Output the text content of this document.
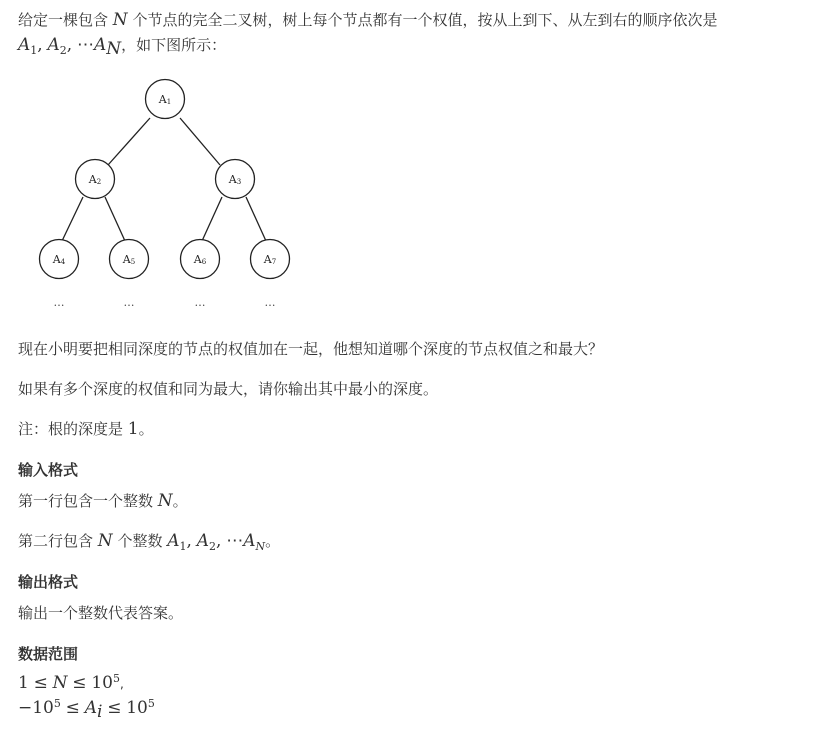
给定一棵包含 N 个节点的完全二叉树，树上每个节点都有一个权值，按从上到下、从左到右的顺序依次是
$A_1$, $A_2$, $\cdots A_N$，如下图所示：
A1
A2	A3
A4	A5	A6	A7
…	…	…	…
现在小明要把相同深度的节点的权值加在一起，他想知道哪个深度的节点权值之和最大？
如果有多个深度的权值和同为最大，请你输出其中最小的深度。
注：根的深度是 1。
输入格式
第一行包含一个整数 N。
第二行包含 N 个整数 $A_1$, $A_2$, $\cdots A_N$。
输出格式
输出一个整数代表答案。
数据范围
$1 \le N \le 10^5$,
$-10^5 \le A_i \le 10^5$
